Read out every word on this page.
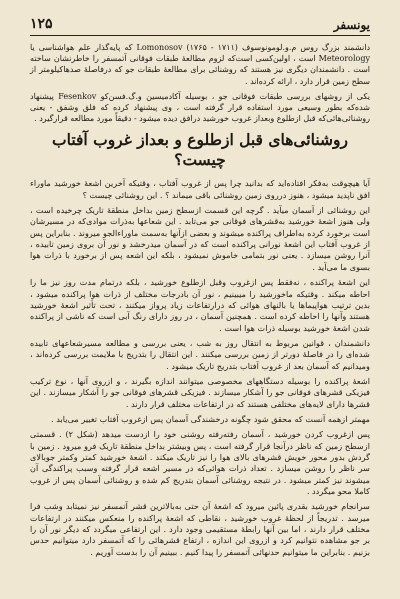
یونسفر
۱۲۵

دانشمند بزرگ روس م.و.لومونوسوف Lomonosov (۱۷۶۵ - ۱۷۱۱) که پایه‌گذار علم هواشناسی یا Meteorology است ، اولین‌کسی است‌که لزوم مطالعهٔ طبقات فوقانی آتمسفر را خاطرنشان ساخته است . دانشمندان دیگری نیز هستند که روشنائی برای مطالعهٔ طبقات جو که درفاصلهٔ صدهاکیلومتر از سطح زمین قرار دارد ، ارائه کرده‌اند .

یکی از روشهای بررسی طبقات فوقانی جو ، بوسیله آکادمیسین و.گ.فسن‌کو Fesenkov پیشنهاد شده‌که بطور وسیعی مورد استفاده قرار گرفته است ، وی پیشنهاد کرده که فلق وشفق - یعنی روشنائی‌هائی‌که قبل ازطلوع وبعداز غروب خورشید درافق دیده میشود - دقیقاً مورد مطالعه قرارگیرد .

روشنائی‌های قبل ازطلوع و بعداز غروب آفتاب چیست؟

آیا هیچوقت به‌فکر افتاده‌اید که بدانید چرا پس از غروب آفتاب ، وقتیکه آخرین اشعهٔ خورشید ماوراء افق ناپدید میشود ، هنوز درروی زمین روشنائی باقی میماند ؟ . این روشنائی چیست ؟

این روشنائی از آسمان میآید . گرچه این قسمت ازسطح زمین بداخل منطقهٔ تاریک چرخیده است ، ولی هنوز اشعهٔ خورشید به‌قشرهای فوقانی جو می‌تابد . این شعاعها به‌ذرات موادی‌که در مسیرشان است برخورد کرده به‌اطراف پراکنده میشوند و بعضی ازآنها به‌سمت ماوراءالجو میروند . بنابراین پس از غروب آفتاب این اشعهٔ نورانی پراکنده است که در آسمان میدرخشد و نور آن بروی زمین تابیده ، آنرا روشن میسازد . یعنی نور بتمامی خاموش نمیشود ، بلکه این اشعه پس از برخورد با ذرات هوا بسوی ما می‌آید .

این اشعهٔ پراکنده ، نه‌فقط پس ازغروب وقبل ازطلوع خورشید ، بلکه درتمام مدت روز نیز ما را احاطه میکند . وقتیکه ماخورشید را میبینیم ، نور آن بادرجات مختلف از ذرات هوا پراکنده میشود ، بدین ترتیب هواپیماها یا بالنهای هوائی که درارتفاعات زیاد پرواز میکنند ، تحت تأثیر اشعهٔ خورشید هستند وآنها را احاطه کرده است . همچنین آسمان ، در روز دارای رنگ آبی است که ناشی از پراکنده شدن اشعهٔ خورشید بوسیله ذرات هوا است .

دانشمندان ، قوانین مربوط به انتقال روز به شب ، یعنی بررسی و مطالعه مسیرشعاعهای تابیده شده‌ای را در فاصلهٔ دورتر از زمین بررسی میکنند . این انتقال را بتدریج با ملایمت بررسی کرده‌اند ، ومیدانیم که آسمان بعد از غروب آفتاب بتدریج تاریک میشود .

اشعهٔ پراکنده را بوسیله دستگاههای مخصوصی میتوانند اندازه بگیرند ، و ازروی آنها ، نوع ترکیب فیزیکی قشرهای فوقانی جو را آشکار میسازند . فیزیکی قشرهای فوقانی جو را آشکار میسازند . این قشرها دارای لایه‌های مختلفی هستند که در ارتفاعات مختلف قرار دارند .

مهمتر ازهمه آنست که محقق شود چگونه درخشندگی آسمان پس ازغروب آفتاب تغییر می‌یابد .

پس ازغروب کردن خورشید ، آسمان رفته‌رفته روشنی خود را ازدست میدهد (شکل ۲) . قسمتی ازسطح زمین که ناظر درآنجا قرار گرفته است ، پس وبیشتر بداخل منطقهٔ تاریک فرو میرود . زمین با گردش بدور محور خویش قشرهای بالای هوا را نیز تاریک میکند . اشعهٔ خورشید کمتر وکمتر جوبالای سر ناظر را روشن میسازد . تعداد ذرات هوائی‌که در مسیر اشعه قرار گرفته وسبب پراکندگی آن میشوند نیز کمتر میشود . در نتیجه روشنائی آسمان بتدریج کم شده و روشنائی آسمان پس از غروب کاملا محو میگردد .

سرانجام خورشید بقدری پائین میرود که اشعهٔ آن حتی به‌بالاترین قشر آتمسفر نیز نمیتابد وشب فرا میرسد . تدریجاً از لحظهٔ غروب خورشید ، نقاطی که اشعهٔ پراکنده را منعکس میکنند در ارتفاعات مختلف قرار دارند ، اما بین آنها رابطهٔ مستقیمی وجود دارد . این ارتفاعی میگردد که دیگر نور آن را بر جو مشاهده نتوانیم کرد و ازروی این اندازه ، ارتفاع قشرهائی را که آتمسفر دارد میتوانیم حدس بزنیم . بنابراین ما میتوانیم حدنهائی آتمسفر را پیدا کنیم . ببینیم آن را بدست آوریم .
